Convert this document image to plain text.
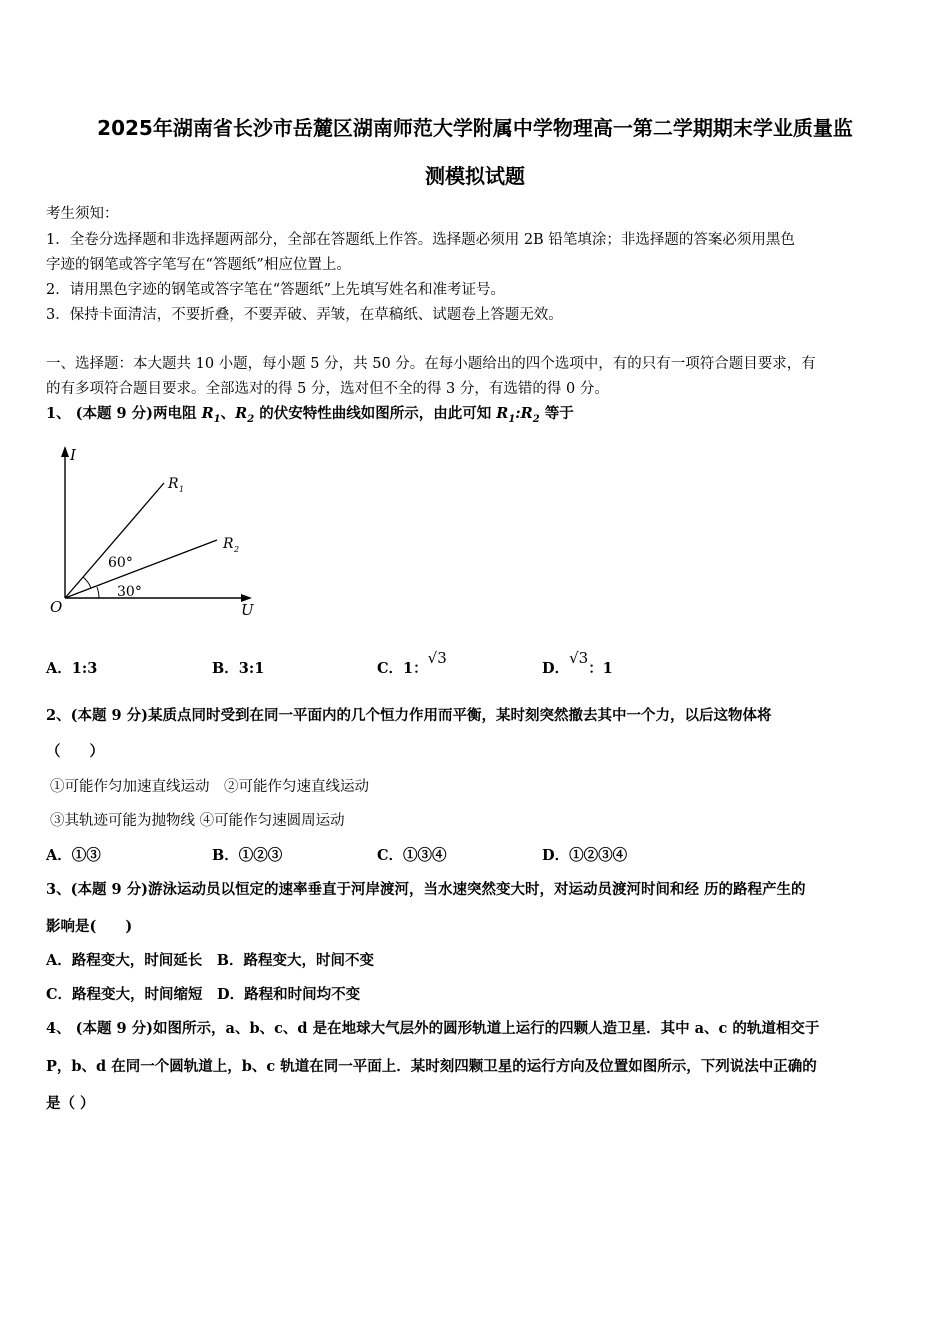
2025年湖南省长沙市岳麓区湖南师范大学附属中学物理高一第二学期期末学业质量监
测模拟试题
考生须知：
1．全卷分选择题和非选择题两部分，全部在答题纸上作答。选择题必须用 2B 铅笔填涂；非选择题的答案必须用黑色
字迹的钢笔或答字笔写在“答题纸”相应位置上。
2．请用黑色字迹的钢笔或答字笔在“答题纸”上先填写姓名和准考证号。
3．保持卡面清洁，不要折叠，不要弄破、弄皱，在草稿纸、试题卷上答题无效。
一、选择题：本大题共 10 小题，每小题 5 分，共 50 分。在每小题给出的四个选项中，有的只有一项符合题目要求，有
的有多项符合题目要求。全部选对的得 5 分，选对但不全的得 3 分，有选错的得 0 分。
1、 (本题 9 分)两电阻 $R_1$、$R_2$ 的伏安特性曲线如图所示，由此可知 $R_1:R_2$ 等于
I
U
O
R 1
R 2
60°
30°
A．1:3	B．3:1	C．1：√3
D．√3：1
2、(本题 9 分)某质点同时受到在同一平面内的几个恒力作用而平衡，某时刻突然撤去其中一个力，以后这物体将
（　　）
①可能作匀加速直线运动　②可能作匀速直线运动
③其轨迹可能为抛物线 ④可能作匀速圆周运动
A．①③	B．①②③	C．①③④	D．①②③④
3、(本题 9 分)游泳运动员以恒定的速率垂直于河岸渡河，当水速突然变大时，对运动员渡河时间和经 历的路程产生的
影响是(　　)
A．路程变大，时间延长　B．路程变大，时间不变
C．路程变大，时间缩短　D．路程和时间均不变
4、 (本题 9 分)如图所示，a、b、c、d 是在地球大气层外的圆形轨道上运行的四颗人造卫星．其中 a、c 的轨道相交于
P，b、d 在同一个圆轨道上，b、c 轨道在同一平面上．某时刻四颗卫星的运行方向及位置如图所示，下列说法中正确的
是（ ）
